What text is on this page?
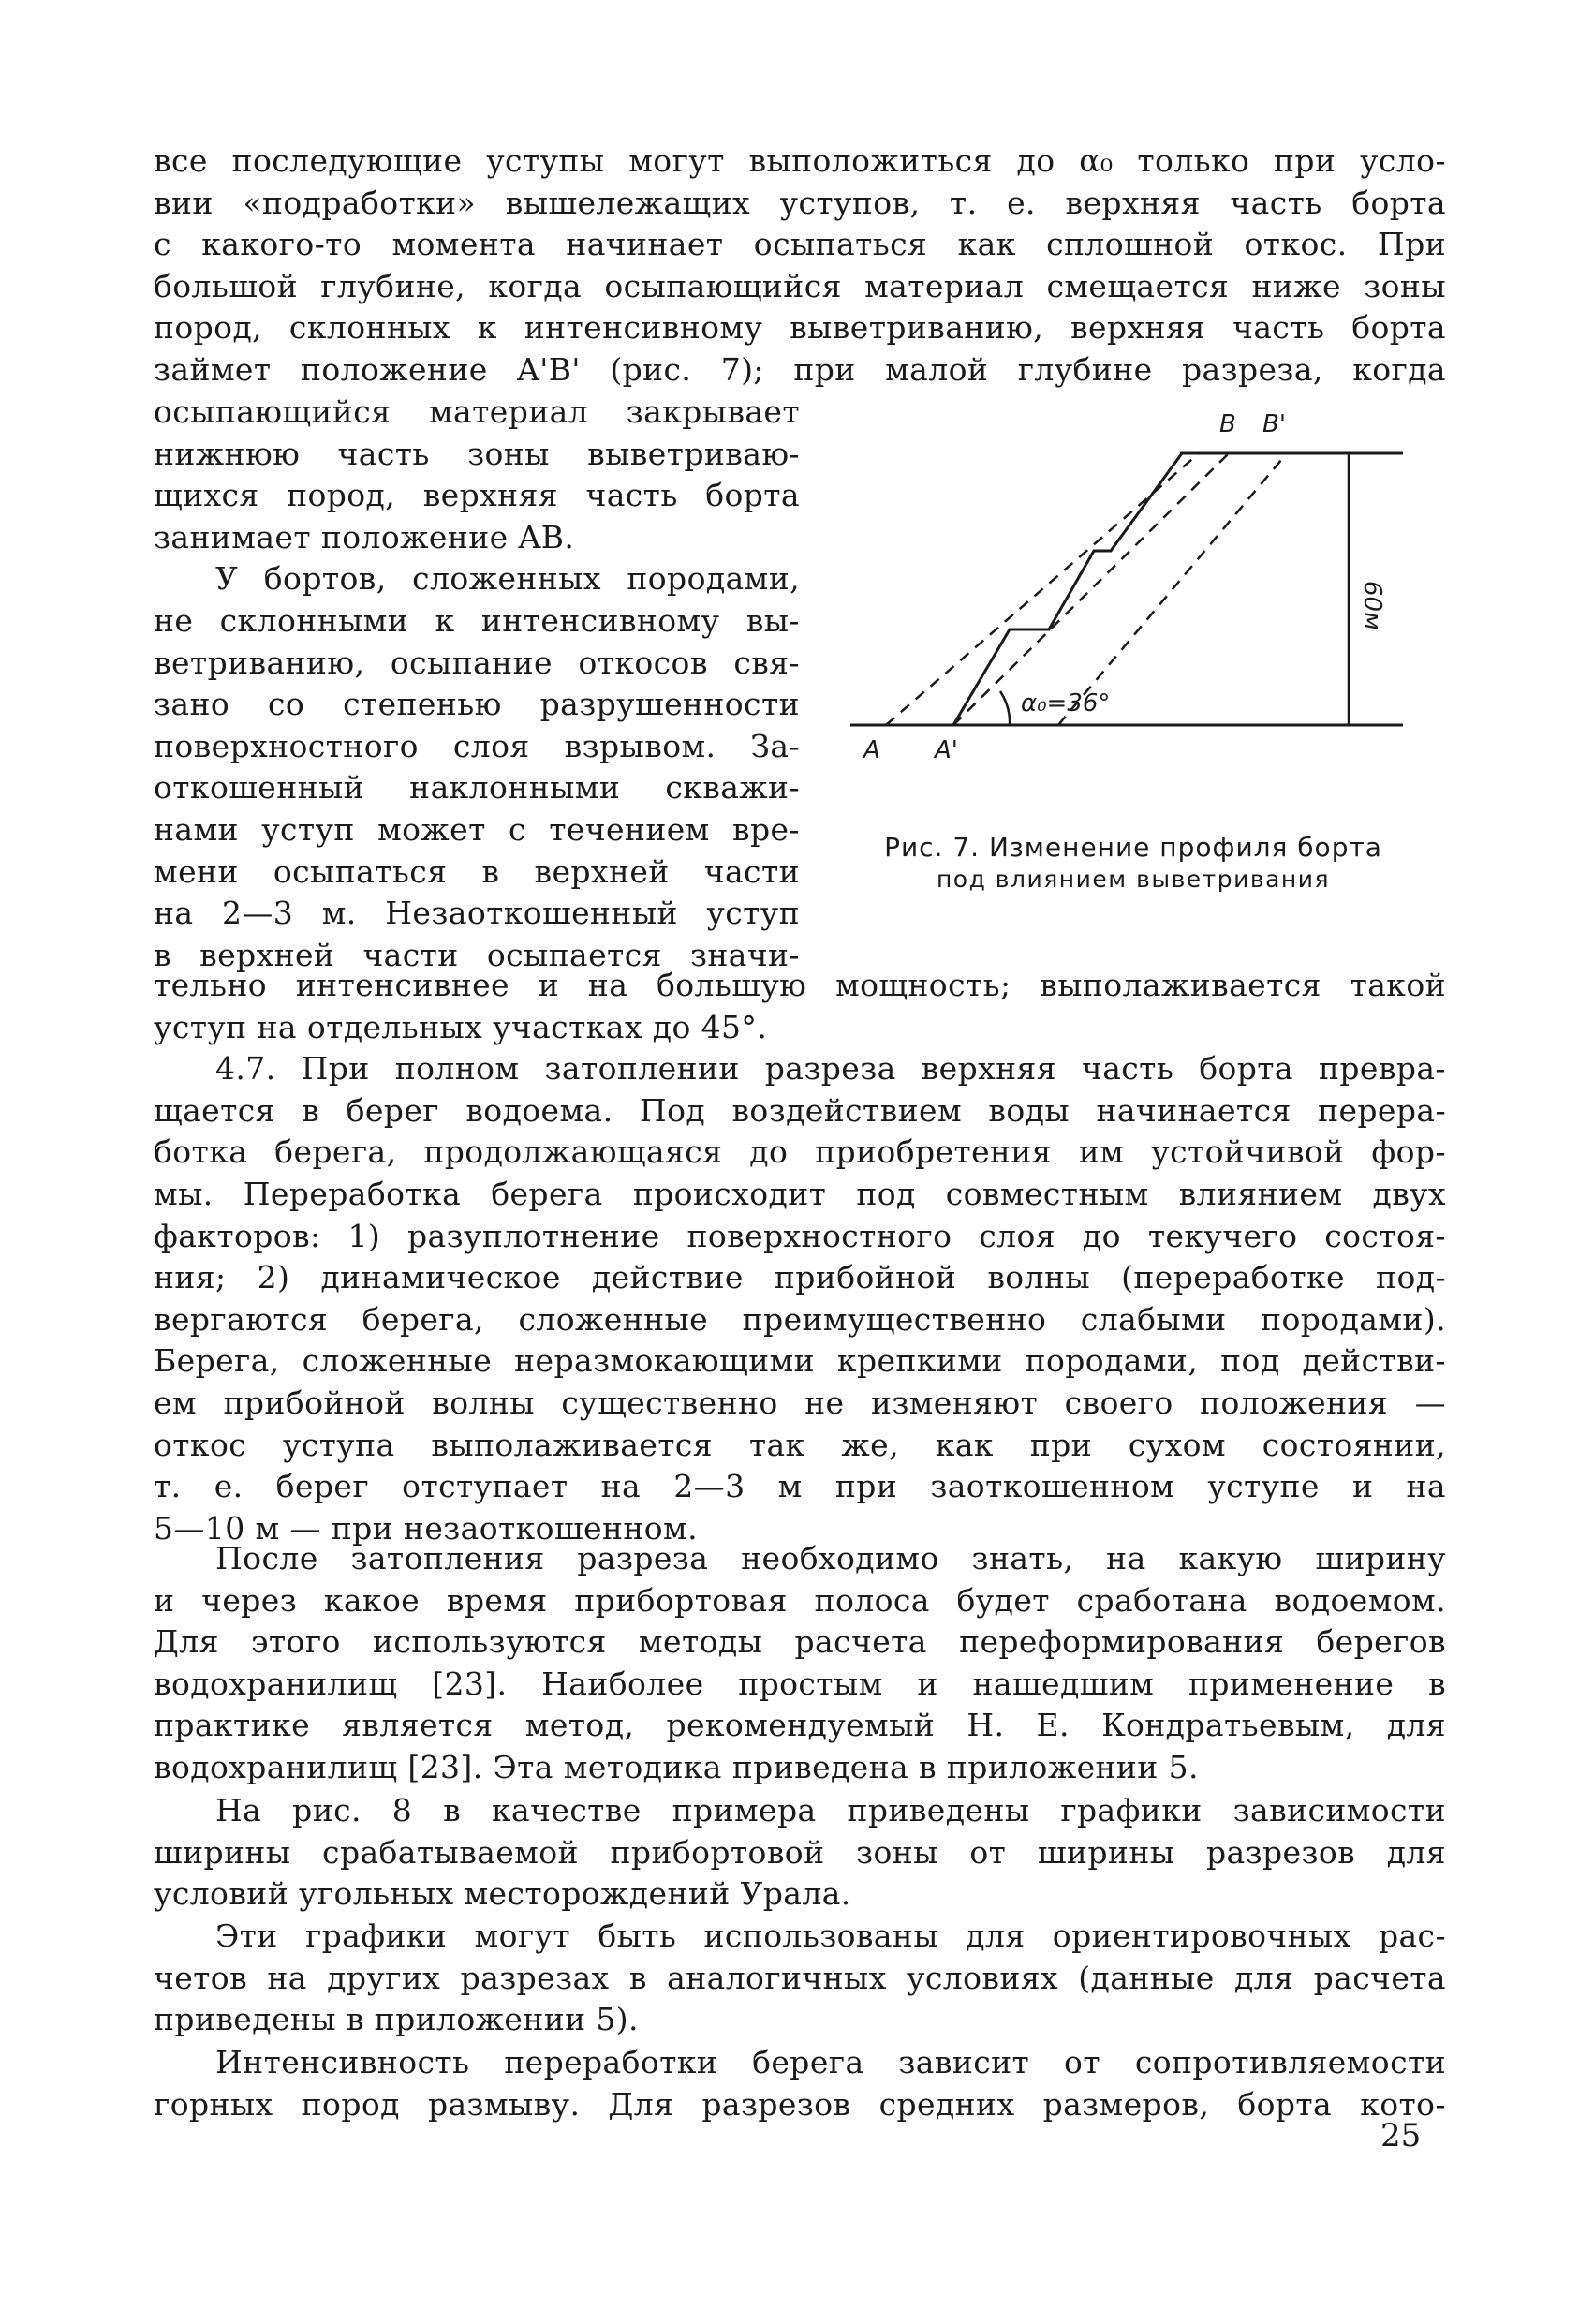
все последующие уступы могут выположиться до α₀ только при усло-
вии «подработки» вышележащих уступов, т. е. верхняя часть борта
с какого-то момента начинает осыпаться как сплошной откос. При
большой глубине, когда осыпающийся материал смещается ниже зоны
пород, склонных к интенсивному выветриванию, верхняя часть борта
займет положение A'B' (рис. 7); при малой глубине разреза, когда
осыпающийся материал закрывает
нижнюю часть зоны выветриваю-
щихся пород, верхняя часть борта
занимает положение AB.
У бортов, сложенных породами,
не склонными к интенсивному вы-
ветриванию, осыпание откосов свя-
зано со степенью разрушенности
поверхностного слоя взрывом. За-
откошенный наклонными скважи-
нами уступ может с течением вре-
мени осыпаться в верхней части
на 2—3 м. Незаоткошенный уступ
в верхней части осыпается значи-
B B'
A A'
60м
α₀=36°
Рис. 7. Изменение профиля борта
под влиянием выветривания
тельно интенсивнее и на большую мощность; выполаживается такой
уступ на отдельных участках до 45°.
4.7. При полном затоплении разреза верхняя часть борта превра-
щается в берег водоема. Под воздействием воды начинается перера-
ботка берега, продолжающаяся до приобретения им устойчивой фор-
мы. Переработка берега происходит под совместным влиянием двух
факторов: 1) разуплотнение поверхностного слоя до текучего состоя-
ния; 2) динамическое действие прибойной волны (переработке под-
вергаются берега, сложенные преимущественно слабыми породами).
Берега, сложенные неразмокающими крепкими породами, под действи-
ем прибойной волны существенно не изменяют своего положения —
откос уступа выполаживается так же, как при сухом состоянии,
т. е. берег отступает на 2—3 м при заоткошенном уступе и на
5—10 м — при незаоткошенном.
После затопления разреза необходимо знать, на какую ширину
и через какое время прибортовая полоса будет сработана водоемом.
Для этого используются методы расчета переформирования берегов
водохранилищ [23]. Наиболее простым и нашедшим применение в
практике является метод, рекомендуемый Н. Е. Кондратьевым, для
водохранилищ [23]. Эта методика приведена в приложении 5.
На рис. 8 в качестве примера приведены графики зависимости
ширины срабатываемой прибортовой зоны от ширины разрезов для
условий угольных месторождений Урала.
Эти графики могут быть использованы для ориентировочных рас-
четов на других разрезах в аналогичных условиях (данные для расчета
приведены в приложении 5).
Интенсивность переработки берега зависит от сопротивляемости
горных пород размыву. Для разрезов средних размеров, борта кото-
25
